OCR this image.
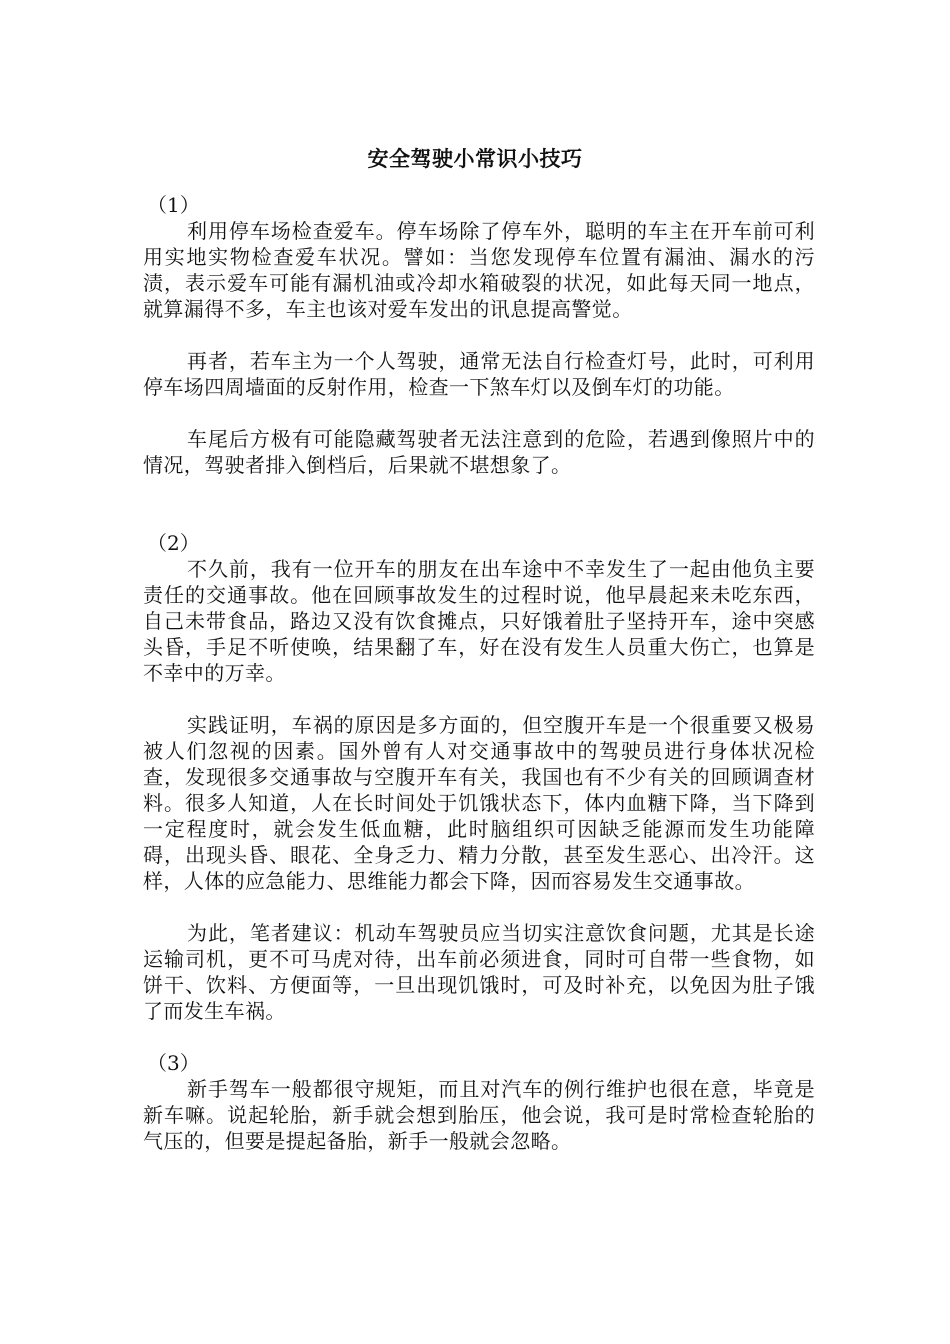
安全驾驶小常识小技巧

（1）

利用停车场检查爱车。停车场除了停车外，聪明的车主在开车前可利用实地实物检查爱车状况。譬如：当您发现停车位置有漏油、漏水的污渍，表示爱车可能有漏机油或冷却水箱破裂的状况，如此每天同一地点，就算漏得不多，车主也该对爱车发出的讯息提高警觉。

再者，若车主为一个人驾驶，通常无法自行检查灯号，此时，可利用停车场四周墙面的反射作用，检查一下煞车灯以及倒车灯的功能。

车尾后方极有可能隐藏驾驶者无法注意到的危险，若遇到像照片中的情况，驾驶者排入倒档后，后果就不堪想象了。

（2）

不久前，我有一位开车的朋友在出车途中不幸发生了一起由他负主要责任的交通事故。他在回顾事故发生的过程时说，他早晨起来未吃东西，自己未带食品，路边又没有饮食摊点，只好饿着肚子坚持开车，途中突感头昏，手足不听使唤，结果翻了车，好在没有发生人员重大伤亡，也算是不幸中的万幸。

实践证明，车祸的原因是多方面的，但空腹开车是一个很重要又极易被人们忽视的因素。国外曾有人对交通事故中的驾驶员进行身体状况检查，发现很多交通事故与空腹开车有关，我国也有不少有关的回顾调查材料。很多人知道，人在长时间处于饥饿状态下，体内血糖下降，当下降到一定程度时，就会发生低血糖，此时脑组织可因缺乏能源而发生功能障碍，出现头昏、眼花、全身乏力、精力分散，甚至发生恶心、出冷汗。这样，人体的应急能力、思维能力都会下降，因而容易发生交通事故。

为此，笔者建议：机动车驾驶员应当切实注意饮食问题，尤其是长途运输司机，更不可马虎对待，出车前必须进食，同时可自带一些食物，如饼干、饮料、方便面等，一旦出现饥饿时，可及时补充，以免因为肚子饿了而发生车祸。

（3）

新手驾车一般都很守规矩，而且对汽车的例行维护也很在意，毕竟是新车嘛。说起轮胎，新手就会想到胎压，他会说，我可是时常检查轮胎的气压的，但要是提起备胎，新手一般就会忽略。
